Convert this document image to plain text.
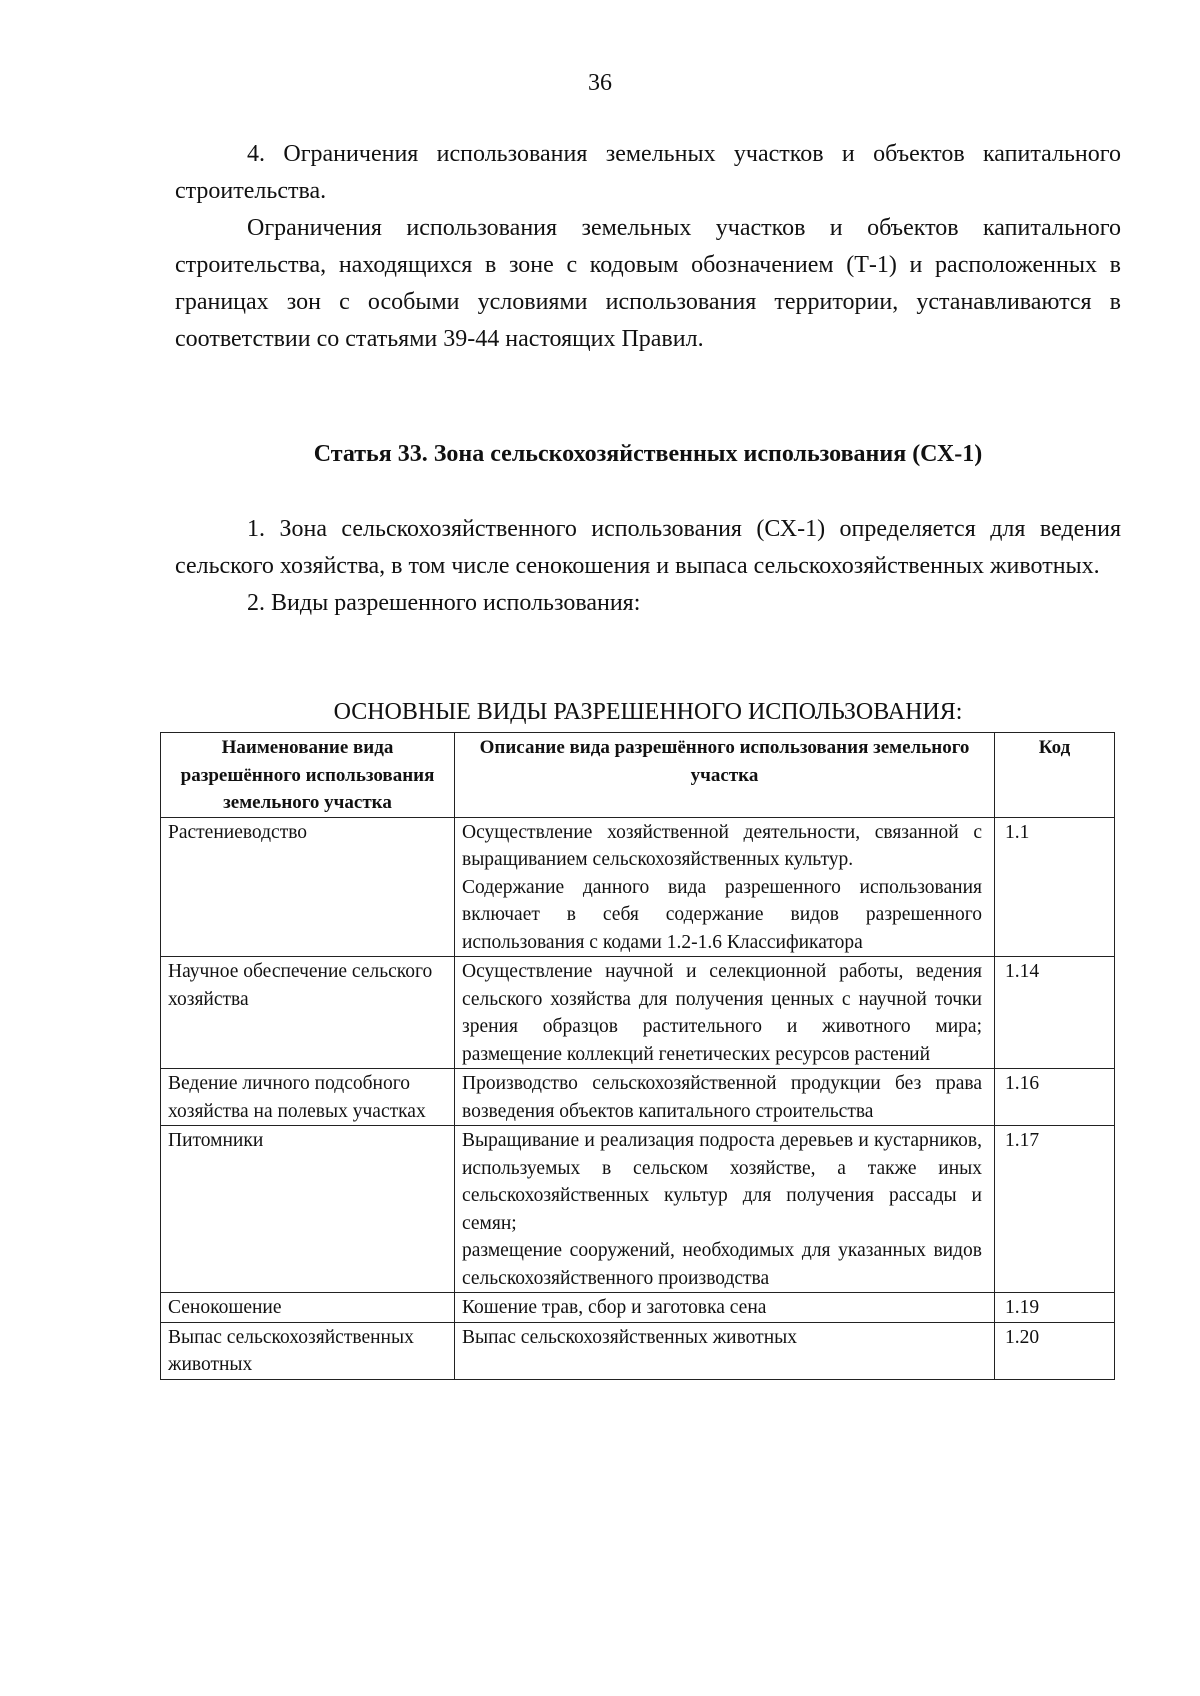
36

4. Ограничения использования земельных участков и объектов капитального строительства.

Ограничения использования земельных участков и объектов капитального строительства, находящихся в зоне с кодовым обозначением (Т-1) и расположенных в границах зон с особыми условиями использования территории, устанавливаются в соответствии со статьями 39-44 настоящих Правил.

Статья 33. Зона сельскохозяйственных использования (СХ-1)

1. Зона сельскохозяйственного использования (СХ-1) определяется для ведения сельского хозяйства, в том числе сенокошения и выпаса сельскохозяйственных животных.

2. Виды разрешенного использования:

ОСНОВНЫЕ ВИДЫ РАЗРЕШЕННОГО ИСПОЛЬЗОВАНИЯ:

Наименование вида разрешённого использования земельного участка	Описание вида разрешённого использования земельного участка	Код
Растениеводство	Осуществление хозяйственной деятельности, связанной с выращиванием сельскохозяйственных культур.

Содержание данного вида разрешенного использования включает в себя содержание видов разрешенного использования с кодами 1.2-1.6 Классификатора	1.1
Научное обеспечение сельского хозяйства	Осуществление научной и селекционной работы, ведения сельского хозяйства для получения ценных с научной точки зрения образцов растительного и животного мира; размещение коллекций генетических ресурсов растений	1.14
Ведение личного подсобного хозяйства на полевых участках	Производство сельскохозяйственной продукции без права возведения объектов капитального строительства	1.16
Питомники	Выращивание и реализация подроста деревьев и кустарников, используемых в сельском хозяйстве, а также иных сельскохозяйственных культур для получения рассады и семян;

размещение сооружений, необходимых для указанных видов сельскохозяйственного производства	1.17
Сенокошение	Кошение трав, сбор и заготовка сена	1.19
Выпас сельскохозяйственных животных	Выпас сельскохозяйственных животных	1.20
